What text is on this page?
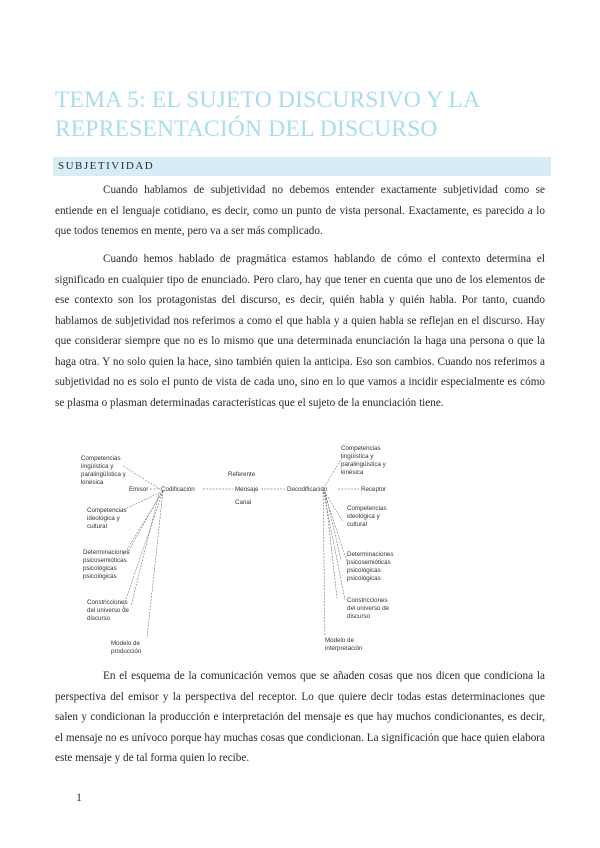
TEMA 5: EL SUJETO DISCURSIVO Y LA
REPRESENTACIÓN DEL DISCURSO
SUBJETIVIDAD
Cuando hablamos de subjetividad no debemos entender exactamente subjetividad como se entiende en el lenguaje cotidiano, es decir, como un punto de vista personal. Exactamente, es parecido a lo que todos tenemos en mente, pero va a ser más complicado.
Cuando hemos hablado de pragmática estamos hablando de cómo el contexto determina el significado en cualquier tipo de enunciado. Pero claro, hay que tener en cuenta que uno de los elementos de ese contexto son los protagonistas del discurso, es decir, quién habla y quién habla. Por tanto, cuando hablamos de subjetividad nos referimos a como el que habla y a quien habla se reflejan en el discurso. Hay que considerar siempre que no es lo mismo que una determinada enunciación la haga una persona o que la haga otra. Y no solo quien la hace, sino también quien la anticipa. Eso son cambios. Cuando nos referimos a subjetividad no es solo el punto de vista de cada uno, sino en lo que vamos a incidir especialmente es cómo se plasma o plasman determinadas características que el sujeto de la enunciación tiene.
Emisor Codificación	Mensaje	Decodificación	Receptor
Referente
Canal
Competencias lingüística y paralingüística y kinésica
Competencias ideológica y cultural
Determinaciones psicosemióticas psicológicas psicológicas
Constricciones del universo de discurso
Modelo de producción
Competencias lingüística y paralingüística y kinésica
Competencias ideológica y cultural
Determinaciones psicosemióticas psicológicas psicológicas
Constricciones del universo de discurso
Modelo de interpretación
En el esquema de la comunicación vemos que se añaden cosas que nos dicen que condiciona la perspectiva del emisor y la perspectiva del receptor. Lo que quiere decir todas estas determinaciones que salen y condicionan la producción e interpretación del mensaje es que hay muchos condicionantes, es decir, el mensaje no es unívoco porque hay muchas cosas que condicionan. La significación que hace quien elabora este mensaje y de tal forma quien lo recibe.
1
